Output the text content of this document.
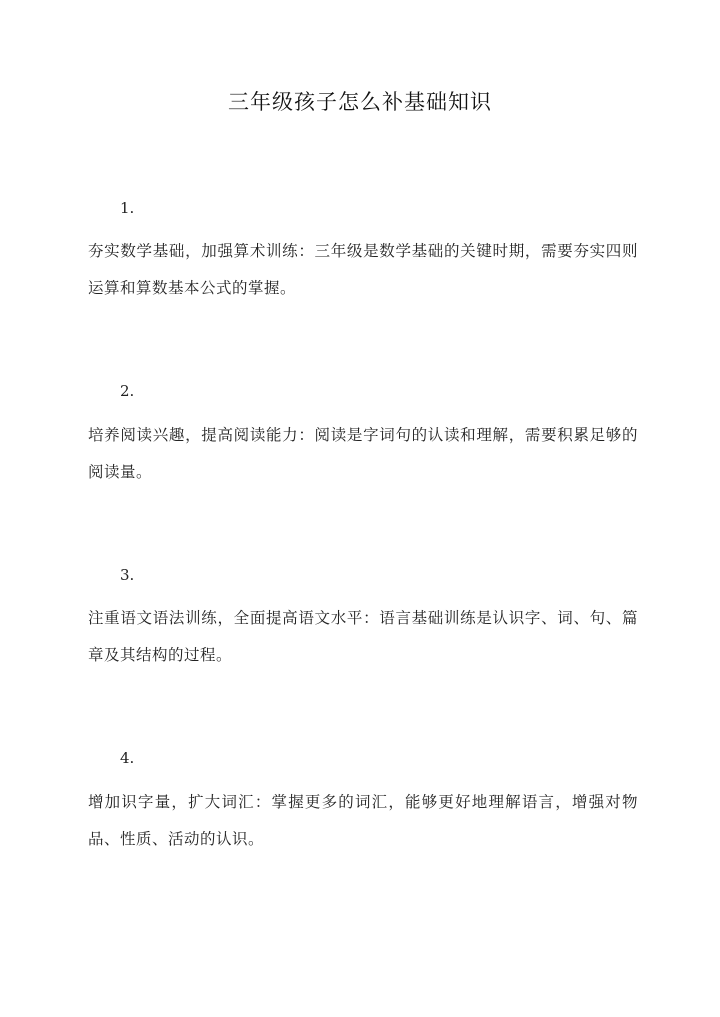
三年级孩子怎么补基础知识
1.
夯实数学基础，加强算术训练：三年级是数学基础的关键时期，需要夯实四则运算和算数基本公式的掌握。
2.
培养阅读兴趣，提高阅读能力：阅读是字词句的认读和理解，需要积累足够的阅读量。
3.
注重语文语法训练，全面提高语文水平：语言基础训练是认识字、词、句、篇章及其结构的过程。
4.
增加识字量，扩大词汇：掌握更多的词汇，能够更好地理解语言，增强对物品、性质、活动的认识。
